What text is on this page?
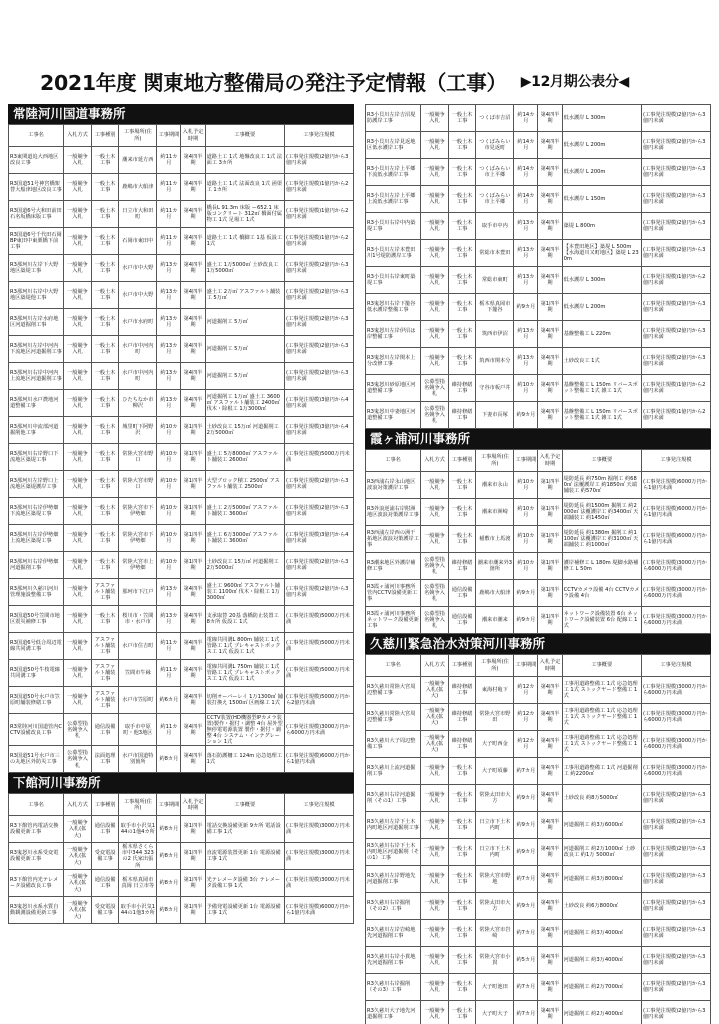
2021年度 関東地方整備局の発注予定情報（工事） ▶12月期公表分◀
常陸河川国道事務所
工事名	入札方式	工事種別	工事場所(住所)	工事期間	入札予定時期	工事概要	工事発注規模
R3東関道追大西地区改良工事	一般競争入札	一般土木工事	潮来市延方西	約11カ月	第4四半期	道路土工 1式 地盤改良工 1式 法面工 3カ所	(工事発注規模)2億円から3億円未満
R3国道51号神宮橋架替大船津地区改良工事	一般競争入札	一般土木工事	鹿嶋市大船津	約11カ月	第4四半期	道路土工 1式 法面改良 1式 函渠工 1カ所	(工事発注規模)1億円から2億円未満
R3国道6号大和田前田石名坂橋床版工事	一般競争入札	一般土木工事	日立市大和田町	約11カ月	第4四半期	橋長L 91.3m 床版 ー652.1 床版コンクリート 312㎥ 橋面付属物工 1式 足場工 1式	(工事発注規模)1億円から2億円未満
R3国道6号千代田石岡BP東田中東栗橋下前工事	一般競争入札	一般土木工事	石岡市東田中	約11カ月	第4四半期	道路土工 1式 橋脚工 1基 仮設工 1式	(工事発注規模)1億円から2億円未満
R3那珂川左岸下大野地区築堤工事	一般競争入札	一般土木工事	水戸市中大野	約13カ月	第4四半期	盛土工 1万5000㎥ 土砂改良工 1万5000㎥	(工事発注規模)2億円から3億円未満
R3那珂川右岸中大野地区築堤他工事	一般競争入札	一般土木工事	水戸市中大野	約13カ月	第4四半期	盛土工 2万㎥ アスファルト舗装工 5万㎥	(工事発注規模)2億円から3億円未満
R3那珂川左岸水府地区河道掘削工事	一般競争入札	一般土木工事	水戸市水府町	約13カ月	第4四半期	河道掘削工 5万㎥	(工事発注規模)2億円から3億円未満
R3那珂川左岸中河内下流地区河道掘削工事	一般競争入札	一般土木工事	水戸市中河内町	約13カ月	第4四半期	河道掘削工 5万㎥	(工事発注規模)2億円から3億円未満
R3那珂川右岸中河内上流地区河道掘削工事	一般競争入札	一般土木工事	水戸市中河内町	約13カ月	第4四半期	河道掘削工 5万㎥	(工事発注規模)2億円から3億円未満
R3那珂川水戸農地河道整備工事	一般競争入札	一般土木工事	ひたちなか市柳沢	約13カ月	第4四半期	河道掘削工 1万㎥ 盛土工 3600㎥ アスファルト舗装工 2400㎥ 伐木・除根工 1万3000㎥	(工事発注規模)3億円から4億円未満
R3那珂川中流部河道掘削他工事	一般競争入札	一般土木工事	城里町下阿野沢	約10カ月	第1四半期	土砂改良工 15万㎥ 河道掘削工 2万5000㎥	(工事発注規模)3億円から4億円未満
R3那珂川右岸野口下流地区築堤工事	一般競争入札	一般土木工事	常陸大宮市野口	約10カ月	第1四半期	盛土工 5万8000㎥ アスファルト舗装工 2600㎥	(工事発注規模)5000万円未満
R3那珂川左岸野口上流地区築堤護岸工事	一般競争入札	一般土木工事	常陸大宮市野口	約10カ月	第1四半期	大型ブロック積工 2500㎥ アスファルト舗装工 2500㎥	(工事発注規模)2億円から3億円未満
R3那珂川右岸伊勢畑下流地区築堤工事	一般競争入札	一般土木工事	常陸大宮市下伊勢畑	約10カ月	第1四半期	盛土工 2万5000㎥ アスファルト舗装工 3600㎥	(工事発注規模)2億円から3億円未満
R3那珂川左岸伊勢畑上流地区築堤工事	一般競争入札	一般土木工事	常陸大宮市下伊勢畑	約10カ月	第1四半期	盛土工 6万3000㎥ アスファルト舗装工 3600㎥	(工事発注規模)3億円から4億円未満
R3那珂川右岸伊勢畑河道掘削工事	一般競争入札	一般土木工事	常陸大宮市上伊勢畑	約10カ月	第1四半期	土砂改良工 15万㎥ 河道掘削工 2万5000㎥	(工事発注規模)2億円から3億円未満
R3那珂川久慈川河川管理施設整備工事	一般競争入札	アスファルト舗装工事	那珂市下江戸	約13カ月	第4四半期	盛土工 9600㎥ アスファルト舗装工 1100㎥ 伐木・除根工 1万3000㎥	(工事発注規模)2億円から3億円未満
R3国道50号笠間市地区震災補修工事	一般競争入札	一般土木工事	桜川市・笠間市・水戸市	約13カ月	第4四半期	支承取替 20基 落橋防止装置工 8カ所 仮設工 1式	(工事発注規模)5000万円未満
R3国道6号低合周辺電線共同溝工事	一般競争入札	アスファルト舗装工事	水戸市住吉町	約11カ月	第4四半期	電線共同溝L 800m 舗装工 1式 管路工 1式 プレキャストボックス工 1式 仮設工 1式	(工事発注規模)5000万円未満
R3国道50号牛枝電線共同溝工事	一般競争入札	アスファルト舗装工事	笠間市牛縁	約11カ月	第4四半期	電線共同溝L 750m 舗装工 1式 管路工 1式 プレキャストボックス工 1式 仮設工 1式	(工事発注規模)5000万円未満
R3国道50号水戸市笠原町舗装修繕工事	一般競争入札	アスファルト舗装工事	水戸市笠原町	約6カ月	第4四半期	切削オーバーレイ 1万1300㎥ 舗装打換え 1500㎥ 区画線工 1式	(工事発注規模)5000万円から2億円未満
R3常陸河川国道管内CCTV設備改良工事	公募型指名競争入札	通信設備工事	取手市中原町・他3地区	約11カ月	第4四半期	CCTV装置(HD機器型IPカメラ装置)製作・据付・調整 4台 屋外型無停電電源装置 製作・据付・調整 4台 システム・インテグレーション 1式	(工事発注規模)3000万円から6000万円未満
R3国道51号水戸市三の丸地区外防災工事	公募型指名競争入札	法面処理工事	水戸市国道特別箇所	約8カ月	第4四半期	落石防護柵工 124m 応急処理工 1式	(工事発注規模)6000万円から1億円未満
下館河川事務所
工事名	入札方式	工事種別	工事場所(住所)	工事期間	入札予定時期	工事概要	工事発注規模
R3下館管内電話交換設備更新工事	一般競争入札(拡大)	通信設備工事	取手市小沢気144の1他4カ所	約8カ月	第1四半期	電話交換設備更新 9カ所 電話設備工事 1式	(工事発注規模)3000万円未満
R3鬼怒川水系受変電設備更新工事	一般競争入札(拡大)	受変電設備工事	栃木県さくら市中344 323 の2 氏家出張所	約8カ月	第1四半期	直流電源装置更新 1台 電源設備工事 1式	(工事発注規模)3000万円未満
R3下館管内光テレメータ設備改良工事	一般競争入札(拡大)	通信設備工事	栃木県真岡市真岡 日立市等	約8カ月	第1四半期	光テレメータ設備 3台 テレメータ設備工事 1式	(工事発注規模)3000万円未満
R3鬼怒川水系水質自動観測設備更新工事	一般競争入札(拡大)	受変電設備工事	取手市小沢気144の1他3カ所	約8カ月	第1四半期	予備発電設備更新 1台 電源設備工事 1式	(工事発注規模)6000万円から1億円未満
R3小貝川左岸吉沼堤防護岸工事	一般競争入札	一般土木工事	つくば市吉沼	約14カ月	第4四半期	低水護岸 L 300m	(工事発注規模)2億円から3億円未満
R3小貝川左岸見返地区低水護岸工事	一般競争入札	一般土木工事	つくばみらい市見返町	約14カ月	第4四半期	低水護岸 L 200m	(工事発注規模)2億円から3億円未満
R3小貝川左岸上平郷下流低水護岸工事	一般競争入札	一般土木工事	つくばみらい市上平郷	約14カ月	第4四半期	低水護岸 L 200m	(工事発注規模)2億円から3億円未満
R3小貝川左岸上平郷上流低水護岸工事	一般競争入札	一般土木工事	つくばみらい市上平郷	約14カ月	第4四半期	低水護岸 L 150m	(工事発注規模)2億円から3億円未満
R3小貝川右岸中内築堤工事	一般競争入札	一般土木工事	取手市中内	約13カ月	第4四半期	築堤 L 800m	(工事発注規模)2億円から3億円未満
R3小貝川左岸本豊田川1号堤防護岸工事	一般競争入札	一般土木工事	常総市本豊田	約13カ月	第4四半期	【本豊田地区】築堤 L 500m 【水海道川又町地区】築堤 L 230m	(工事発注規模)2億円から3億円未満
R3小貝川右岸東町築堤工事	一般競争入札	一般土木工事	常総市東町	約13カ月	第4四半期	低水護岸 L 300m	(工事発注規模)1億円から2億円未満
R3鬼怒川右岸下籠谷低水護岸整備工事	一般競争入札	一般土木工事	栃木県真岡市下籠谷	約9カ月	第1四半期	低水護岸 L 200m	(工事発注規模)2億円から3億円未満
R3鬼怒川左岸伊沼は岸整備工事	一般競争入札	一般土木工事	筑西市伊沼	約13カ月	第4四半期	基盤整備工 L 220m	(工事発注規模)2億円から3億円未満
R3鬼怒川左岸関本上分改修工事	一般競争入札	一般土木工事	筑西市関本分	約13カ月	第4四半期	土砂改良工 1式	(工事発注規模)2億円から3億円未満
R3鬼怒川砂原地区河道整備工事	公募型指名競争入札	維持修繕工事	守谷市板戸井	約10カ月	第4四半期	基盤整備工 L 150m リバースポット整備工 1式 雑工 1式	(工事発注規模)1億円から2億円未満
R3鬼怒川中妻地区河道整備工事	公募型指名競争入札	維持修繕工事	下妻市長塚	約9カ月	第4四半期	基盤整備工 L 150m リバースポット整備工 1式 雑工 1式	(工事発注規模)1億円から2億円未満
霞ヶ浦河川事務所
工事名	入札方式	工事種別	工事場所(住所)	工事期間	入札予定時期	工事概要	工事発注規模
R3西浦右岸永山地区波浪対策護岸工事	一般競争入札	一般土木工事	潮来市永山	約10カ月	第1四半期	堤防延長 約750m 掘削工 約680㎥ 法覆護岸工 約1850㎡ 天端舗装工 約570㎡	(工事発注規模)6000万円から1億円未満
R3外浪逆浦右岸附洲地区波浪対策護岸工事	一般競争入札	一般土木工事	潮来市洲崎	約10カ月	第1四半期	堤防延長 約1500m 掘削工 約2000㎥ 法覆護岸工 約3400㎡ 天端舗装工 約1450㎡	(工事発注規模)6000万円から1億円未満
R3西浦左岸西の洲干拓地区波浪対策護岸工事	一般競争入札	一般土木工事	稲敷市上馬渡	約10カ月	第1四半期	堤防延長 約1380m 掘削工 約1100㎥ 法覆護岸工 約3100㎡ 天端舗装工 約1000㎡	(工事発注規模)6000万円から1億円未満
R3潮来地区外護岸補修工事	公募型指名競争入札	維持修繕工事	潮来市潮来外3箇所	約10カ月	第1四半期	護岸補修工 L 180m 堤脚水路補修工 L 50m	(工事発注規模)3000万円から6000万円未満
R3霞ヶ浦河川事務所管内CCTV設備更新工事	公募型指名競争入札	通信設備工事	鹿嶋市大船津	約9カ月	第1四半期	CCTVカメラ設備 4台 CCTVカメラ設備 4台	(工事発注規模)3000万円から6000万円未満
R3霞ヶ浦河川事務所ネットワーク設備更新工事	公募型指名競争入札	通信設備工事	潮来市潮来	約9カ月	第1四半期	ネットワーク設備装置 6台 ネットワーク設備装置 6台 配線工 1式	(工事発注規模)3000万円から6000万円未満
久慈川緊急治水対策河川事務所
工事名	入札方式	工事種別	工事場所(住所)	工事期間	入札予定時期	工事概要	工事発注規模
R3久慈川常陸大宮周辺整備工事	一般競争入札(拡大)	維持修繕工事	東海村亀下	約12カ月	第4四半期	工事用道路整備工 1式 応急処理工 1式 ストックヤード整備工 1式	(工事発注規模)3000万円から6000万円未満
R3久慈川常陸大宮周辺整備工事	一般競争入札(拡大)	維持修繕工事	常陸大宮市野田	約12カ月	第4四半期	工事用道路整備工 1式 応急処理工 1式 ストックヤード整備工 1式	(工事発注規模)3000万円から6000万円未満
R3久慈川大子周辺整備工事	一般競争入札(拡大)	維持修繕工事	大子町西金	約12カ月	第4四半期	工事用道路整備工 1式 応急処理工 1式 ストックヤード整備工 1式	(工事発注規模)3000万円から6000万円未満
R3久慈川上流河道掘削工事	一般競争入札	一般土木工事	大子町頃藤	約7カ月	第4四半期	工事用道路整備工 1式 河道掘削工 約2200㎥	(工事発注規模)3000万円から6000万円未満
R3久慈川右岸河道掘削（その1）工事	一般競争入札	一般土木工事	常陸太田市大方	約9カ月	第4四半期	土砂改良 約8万5000㎥	(工事発注規模)2億円から3億円未満
R3久慈川左岸下土木内町地区河道掘削工事	一般競争入札	一般土木工事	日立市下土木内町	約9カ月	第4四半期	河道掘削工 約3万6000㎥	(工事発注規模)2億円から3億円未満
R3久慈川右岸下土木内町地区河道掘削（その1）工事	一般競争入札	一般土木工事	日立市下土木内町	約9カ月	第4四半期	河道掘削工 約2万1000㎥ 土砂改良工 約1万 5000㎥	(工事発注規模)2億円から3億円未満
R3久慈川左岸野地先河道掘削工事	一般競争入札	一般土木工事	常陸大宮市野地	約7カ月	第4四半期	河道掘削工 約3万8000㎥	(工事発注規模)2億円から3億円未満
R3久慈川右岸掘削（その2）工事	一般競争入札	一般土木工事	常陸太田市大方	約9カ月	第4四半期	土砂改良 約6万8000㎥	(工事発注規模)2億円から3億円未満
R3久慈川左岸岩崎地先河道掘削工事	一般競争入札	一般土木工事	常陸大宮市岩崎	約7カ月	第4四半期	河道掘削工 約3万4000㎥	(工事発注規模)2億円から3億円未満
R3久慈川右岸小貫地先河道掘削工事	一般競争入札	一般土木工事	常陸大宮市小貫	約5カ月	第4四半期	河道掘削工 約3万4000㎥	(工事発注規模)2億円から3億円未満
R3久慈川右岸掘削（その3）工事	一般競争入札	一般土木工事	大子町池田	約7カ月	第4四半期	河道掘削工 約2万7000㎥	(工事発注規模)2億円から3億円未満
R3久慈川大子地先河道掘削工事	一般競争入札	一般土木工事	大子町大子	約7カ月	第4四半期	河道掘削工 約2万4000㎥	(工事発注規模)2億円から3億円未満
